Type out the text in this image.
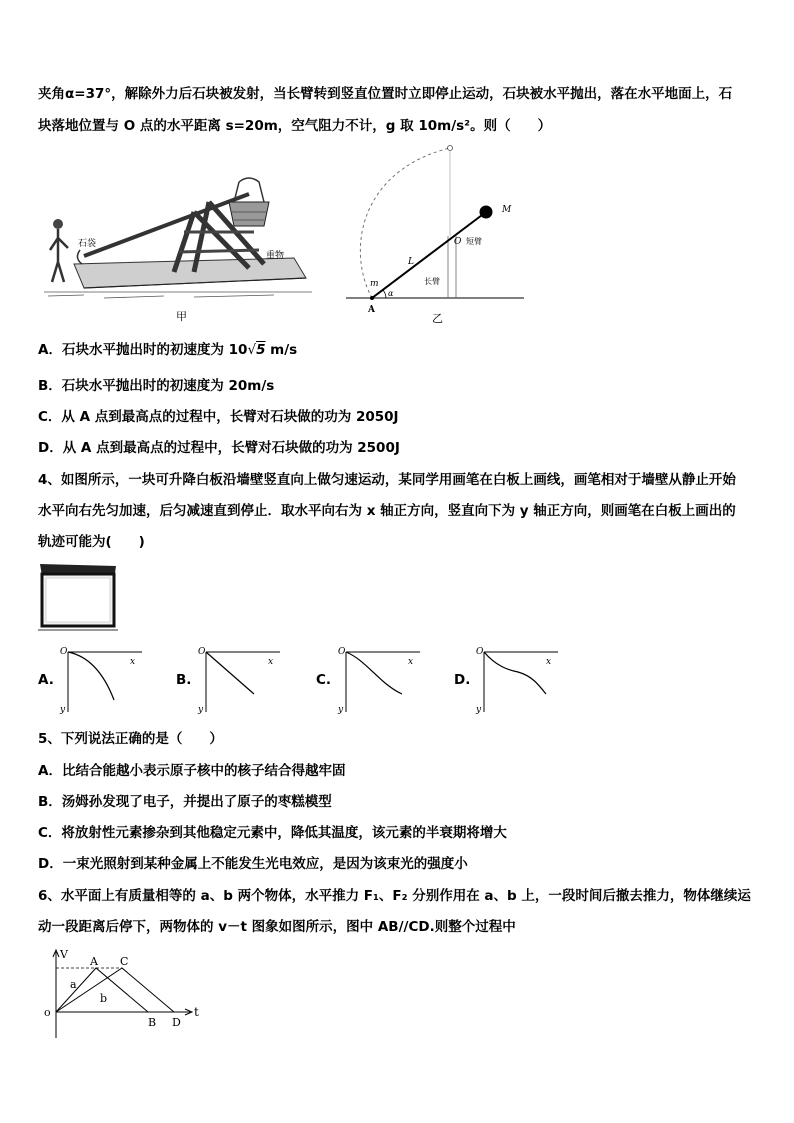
夹角α=37°，解除外力后石块被发射，当长臂转到竖直位置时立即停止运动，石块被水平抛出，落在水平地面上，石
块落地位置与 O 点的水平距离 s=20m，空气阻力不计，g 取 10m/s²。则（　　）
石袋
重物
甲
M
O 短臂
L
长臂
m
α
A
乙
A．石块水平抛出时的初速度为 10√5 m/s
B．石块水平抛出时的初速度为 20m/s
C．从 A 点到最高点的过程中，长臂对石块做的功为 2050J
D．从 A 点到最高点的过程中，长臂对石块做的功为 2500J
4、如图所示，一块可升降白板沿墙壁竖直向上做匀速运动，某同学用画笔在白板上画线，画笔相对于墙壁从静止开始
水平向右先匀加速，后匀减速直到停止．取水平向右为 x 轴正方向，竖直向下为 y 轴正方向，则画笔在白板上画出的
轨迹可能为(　　)
A.
O
x
y
B.
O
x
y
C.
O
x
y
D.
O
x
y
5、下列说法正确的是（　　）
A．比结合能越小表示原子核中的核子结合得越牢固
B．汤姆孙发现了电子，并提出了原子的枣糕模型
C．将放射性元素掺杂到其他稳定元素中，降低其温度，该元素的半衰期将增大
D．一束光照射到某种金属上不能发生光电效应，是因为该束光的强度小
6、水平面上有质量相等的 a、b 两个物体，水平推力 F₁、F₂ 分别作用在 a、b 上，一段时间后撤去推力，物体继续运
动一段距离后停下，两物体的 v－t 图象如图所示，图中 AB//CD.则整个过程中
V
t
o
A C
B D
a
b
